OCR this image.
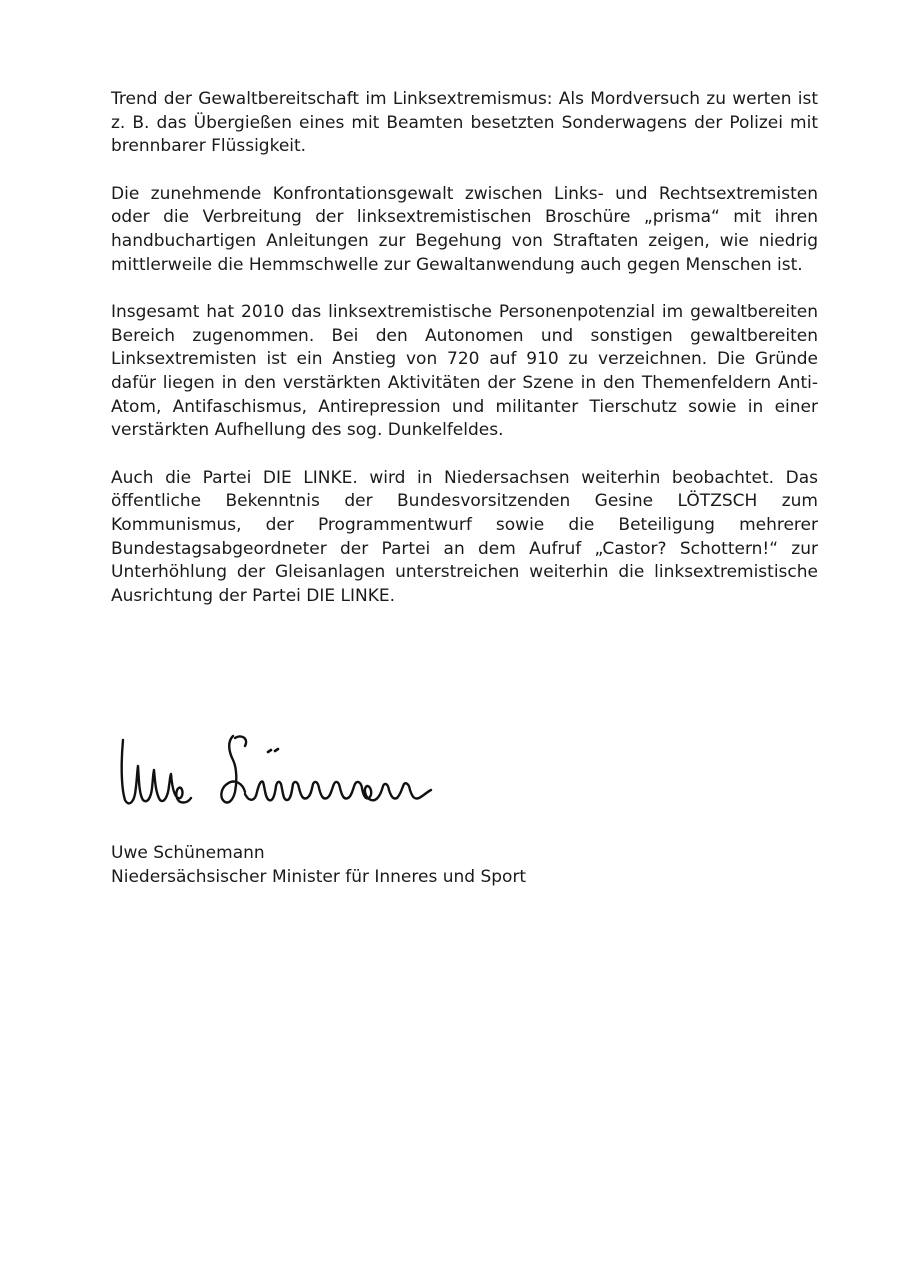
Trend der Gewaltbereitschaft im Linksextremismus: Als Mordversuch zu werten ist z. B. das Übergießen eines mit Beamten besetzten Sonderwagens der Polizei mit brennbarer Flüssigkeit.

Die zunehmende Konfrontationsgewalt zwischen Links- und Rechtsextremisten oder die Verbreitung der linksextremistischen Broschüre „prisma“ mit ihren handbuchartigen Anleitungen zur Begehung von Straftaten zeigen, wie niedrig mittlerweile die Hemmschwelle zur Gewaltanwendung auch gegen Menschen ist.

Insgesamt hat 2010 das linksextremistische Personenpotenzial im gewaltbereiten Bereich zugenommen. Bei den Autonomen und sonstigen gewaltbereiten Linksextremisten ist ein Anstieg von 720 auf 910 zu verzeichnen. Die Gründe dafür liegen in den verstärkten Aktivitäten der Szene in den Themenfeldern Anti-Atom, Antifaschismus, Antirepression und militanter Tierschutz sowie in einer verstärkten Aufhellung des sog. Dunkelfeldes.

Auch die Partei DIE LINKE. wird in Niedersachsen weiterhin beobachtet. Das öffentliche Bekenntnis der Bundesvorsitzenden Gesine LÖTZSCH zum Kommunismus, der Programmentwurf sowie die Beteiligung mehrerer Bundestagsabgeordneter der Partei an dem Aufruf „Castor? Schottern!“ zur Unterhöhlung der Gleisanlagen unterstreichen weiterhin die linksextremistische Ausrichtung der Partei DIE LINKE.

Uwe Schünemann
Niedersächsischer Minister für Inneres und Sport
